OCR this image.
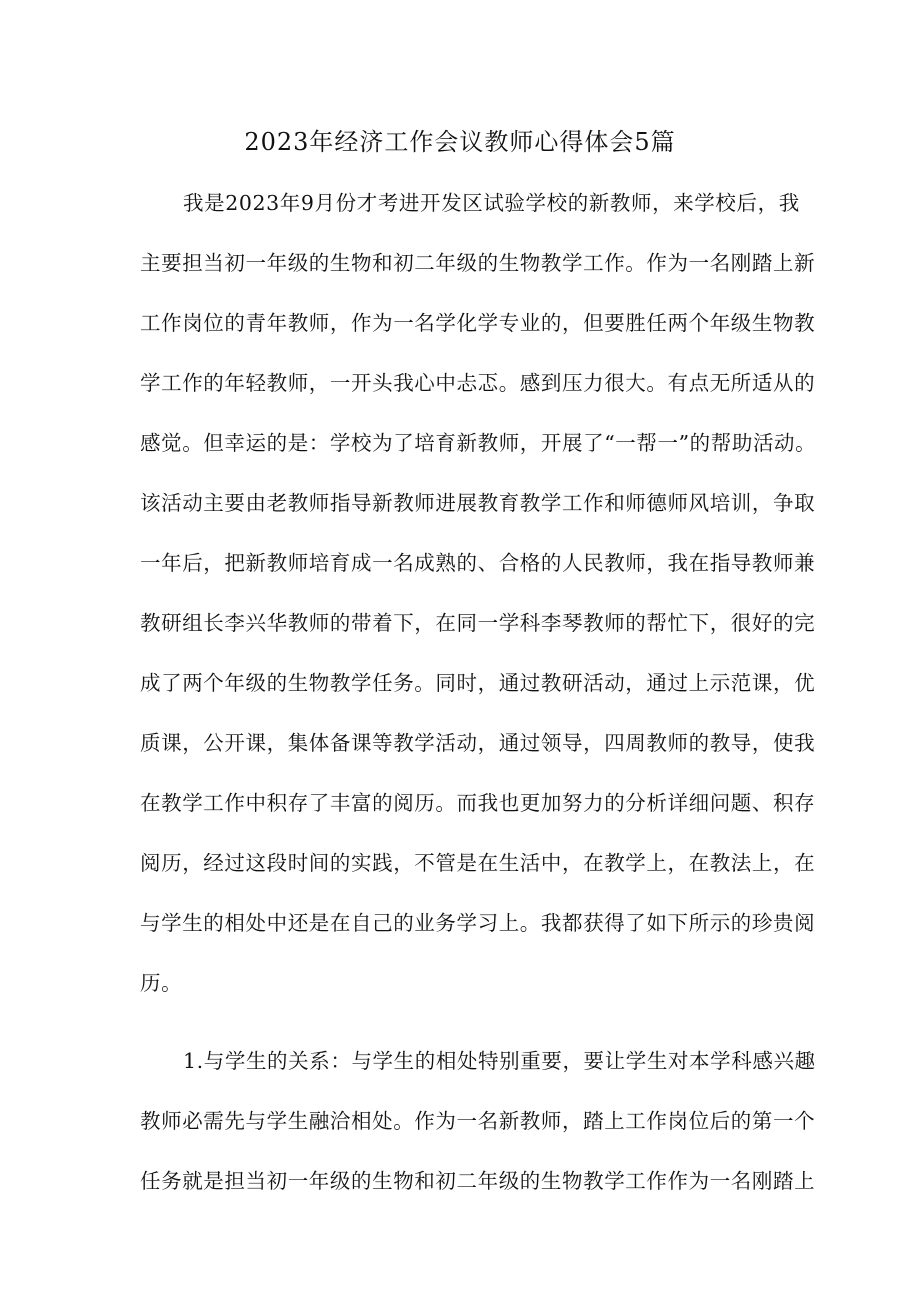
2023年经济工作会议教师心得体会5篇
我是2023年9月份才考进开发区试验学校的新教师，来学校后，我
主要担当初一年级的生物和初二年级的生物教学工作。作为一名刚踏上新
工作岗位的青年教师，作为一名学化学专业的，但要胜任两个年级生物教
学工作的年轻教师，一开头我心中忐忑。感到压力很大。有点无所适从的
感觉。但幸运的是：学校为了培育新教师，开展了“一帮一”的帮助活动。
该活动主要由老教师指导新教师进展教育教学工作和师德师风培训，争取
一年后，把新教师培育成一名成熟的、合格的人民教师，我在指导教师兼
教研组长李兴华教师的带着下，在同一学科李琴教师的帮忙下，很好的完
成了两个年级的生物教学任务。同时，通过教研活动，通过上示范课，优
质课，公开课，集体备课等教学活动，通过领导，四周教师的教导，使我
在教学工作中积存了丰富的阅历。而我也更加努力的分析详细问题、积存
阅历，经过这段时间的实践，不管是在生活中，在教学上，在教法上，在
与学生的相处中还是在自己的业务学习上。我都获得了如下所示的珍贵阅
历。
1.与学生的关系：与学生的相处特别重要，要让学生对本学科感兴趣
教师必需先与学生融洽相处。作为一名新教师，踏上工作岗位后的第一个
任务就是担当初一年级的生物和初二年级的生物教学工作作为一名刚踏上
